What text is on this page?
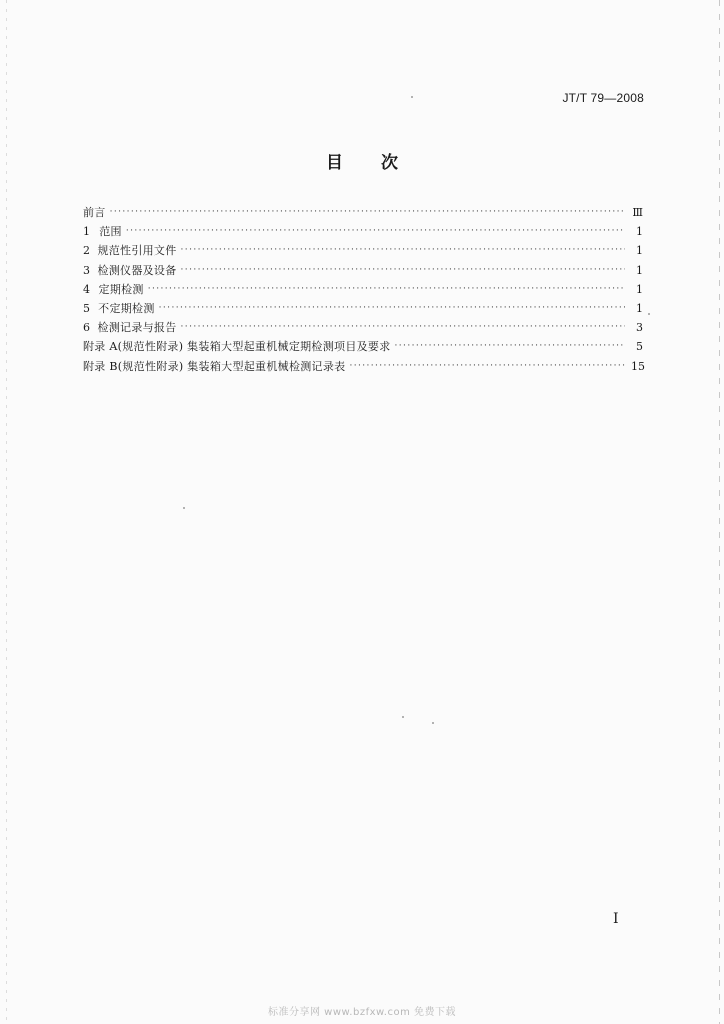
JT/T 79—2008
目 次
前言 ·····	Ⅲ
1 范围 ·····	1
2 规范性引用文件 ·····	1
3 检测仪器及设备 ·····	1
4 定期检测 ·····	1
5 不定期检测 ·····	1
6 检测记录与报告 ·····	3
附录 A(规范性附录) 集装箱大型起重机械定期检测项目及要求 ·····	5
附录 B(规范性附录) 集装箱大型起重机械检测记录表 ·····	15
I
标准分享网 www.bzfxw.com 免费下载
